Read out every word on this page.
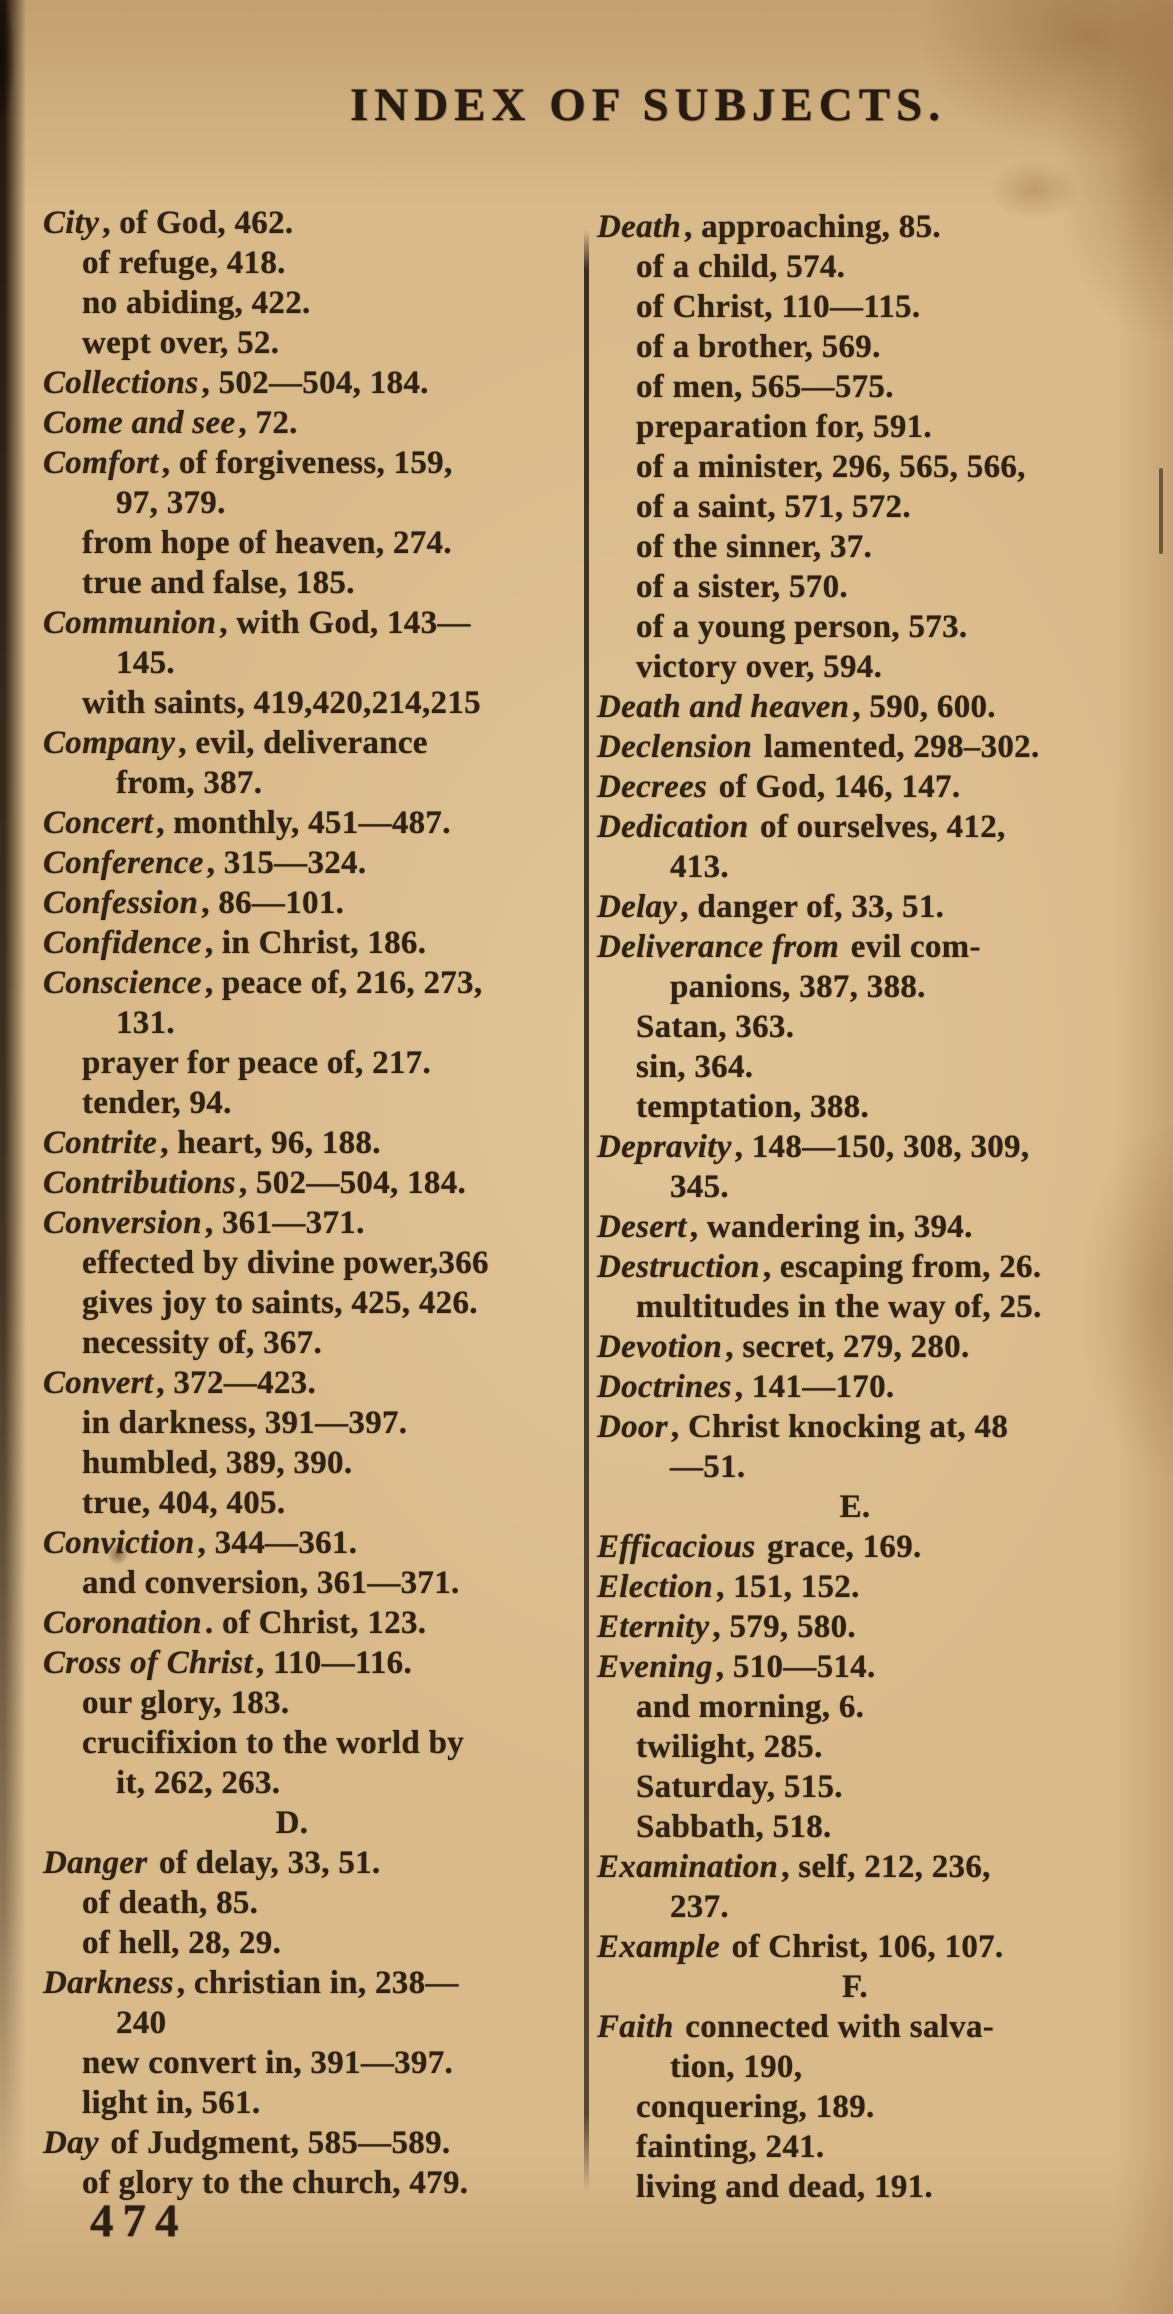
INDEX OF SUBJECTS.
City, of God, 462.
of refuge, 418.
no abiding, 422.
wept over, 52.
Collections, 502—504, 184.
Come and see, 72.
Comfort, of forgiveness, 159,
97, 379.
from hope of heaven, 274.
true and false, 185.
Communion, with God, 143—
145.
with saints, 419,420,214,215
Company, evil, deliverance
from, 387.
Concert, monthly, 451—487.
Conference, 315—324.
Confession, 86—101.
Confidence, in Christ, 186.
Conscience, peace of, 216, 273,
131.
prayer for peace of, 217.
tender, 94.
Contrite, heart, 96, 188.
Contributions, 502—504, 184.
Conversion, 361—371.
effected by divine power,366
gives joy to saints, 425, 426.
necessity of, 367.
Convert, 372—423.
in darkness, 391—397.
humbled, 389, 390.
true, 404, 405.
Conviction, 344—361.
and conversion, 361—371.
Coronation. of Christ, 123.
Cross of Christ, 110—116.
our glory, 183.
crucifixion to the world by
it, 262, 263.
D.
Danger of delay, 33, 51.
of death, 85.
of hell, 28, 29.
Darkness, christian in, 238—
240
new convert in, 391—397.
light in, 561.
Day of Judgment, 585—589.
of glory to the church, 479.
Death, approaching, 85.
of a child, 574.
of Christ, 110—115.
of a brother, 569.
of men, 565—575.
preparation for, 591.
of a minister, 296, 565, 566,
of a saint, 571, 572.
of the sinner, 37.
of a sister, 570.
of a young person, 573.
victory over, 594.
Death and heaven, 590, 600.
Declension lamented, 298–302.
Decrees of God, 146, 147.
Dedication of ourselves, 412,
413.
Delay, danger of, 33, 51.
Deliverance from evil com-
panions, 387, 388.
Satan, 363.
sin, 364.
temptation, 388.
Depravity, 148—150, 308, 309,
345.
Desert, wandering in, 394.
Destruction, escaping from, 26.
multitudes in the way of, 25.
Devotion, secret, 279, 280.
Doctrines, 141—170.
Door, Christ knocking at, 48
—51.
E.
Efficacious grace, 169.
Election, 151, 152.
Eternity, 579, 580.
Evening, 510—514.
and morning, 6.
twilight, 285.
Saturday, 515.
Sabbath, 518.
Examination, self, 212, 236,
237.
Example of Christ, 106, 107.
F.
Faith connected with salva-
tion, 190,
conquering, 189.
fainting, 241.
living and dead, 191.
474
